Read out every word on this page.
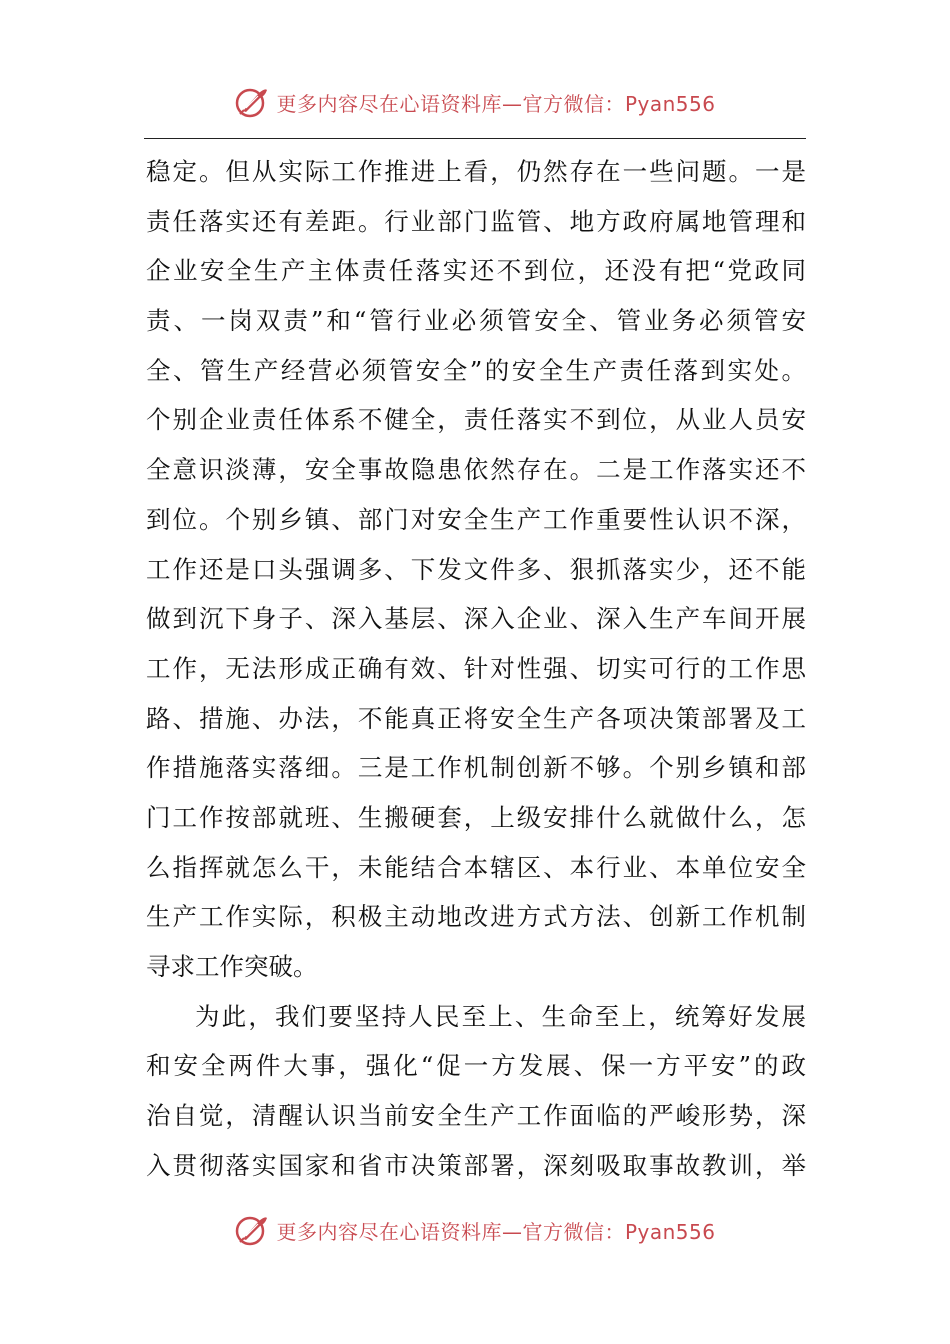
更多内容尽在心语资料库—官方微信：Pyan556
稳定。但从实际工作推进上看，仍然存在一些问题。一是
责任落实还有差距。行业部门监管、地方政府属地管理和
企业安全生产主体责任落实还不到位，还没有把“党政同
责、一岗双责”和“管行业必须管安全、管业务必须管安
全、管生产经营必须管安全”的安全生产责任落到实处。
个别企业责任体系不健全，责任落实不到位，从业人员安
全意识淡薄，安全事故隐患依然存在。二是工作落实还不
到位。个别乡镇、部门对安全生产工作重要性认识不深，
工作还是口头强调多、下发文件多、狠抓落实少，还不能
做到沉下身子、深入基层、深入企业、深入生产车间开展
工作，无法形成正确有效、针对性强、切实可行的工作思
路、措施、办法，不能真正将安全生产各项决策部署及工
作措施落实落细。三是工作机制创新不够。个别乡镇和部
门工作按部就班、生搬硬套，上级安排什么就做什么，怎
么指挥就怎么干，未能结合本辖区、本行业、本单位安全
生产工作实际，积极主动地改进方式方法、创新工作机制
寻求工作突破。
为此，我们要坚持人民至上、生命至上，统筹好发展
和安全两件大事，强化“促一方发展、保一方平安”的政
治自觉，清醒认识当前安全生产工作面临的严峻形势，深
入贯彻落实国家和省市决策部署，深刻吸取事故教训，举
更多内容尽在心语资料库—官方微信：Pyan556
